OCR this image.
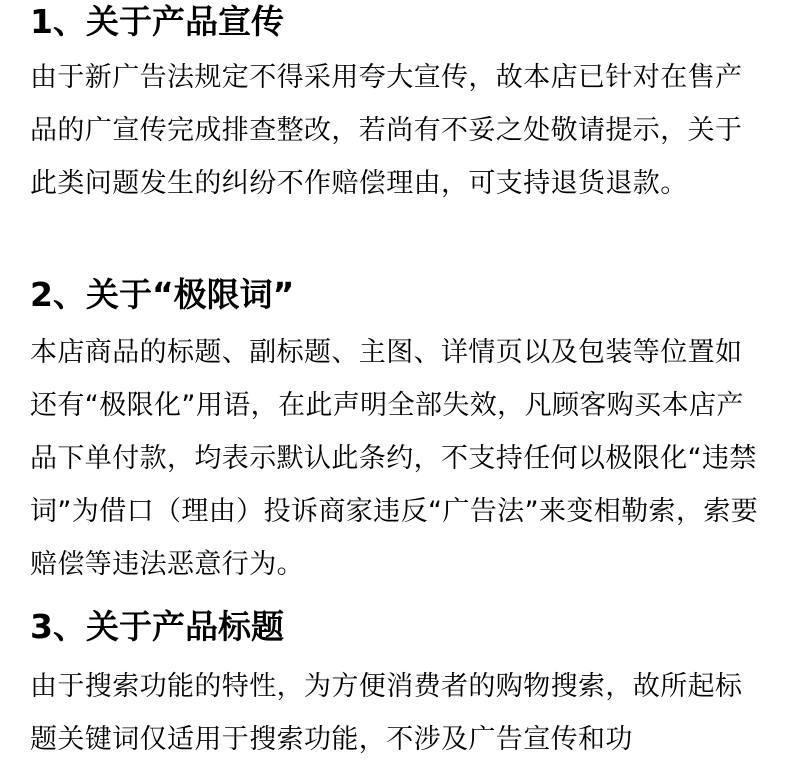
1、关于产品宣传

由于新广告法规定不得采用夸大宣传，故本店已针对在售产品的广宣传完成排查整改，若尚有不妥之处敬请提示，关于此类问题发生的纠纷不作赔偿理由，可支持退货退款。

2、关于“极限词”

本店商品的标题、副标题、主图、详情页以及包装等位置如还有“极限化”用语，在此声明全部失效，凡顾客购买本店产品下单付款，均表示默认此条约，不支持任何以极限化“违禁词”为借口（理由）投诉商家违反“广告法”来变相勒索，索要赔偿等违法恶意行为。

3、关于产品标题

由于搜索功能的特性，为方便消费者的购物搜索，故所起标题关键词仅适用于搜索功能，不涉及广告宣传和功
